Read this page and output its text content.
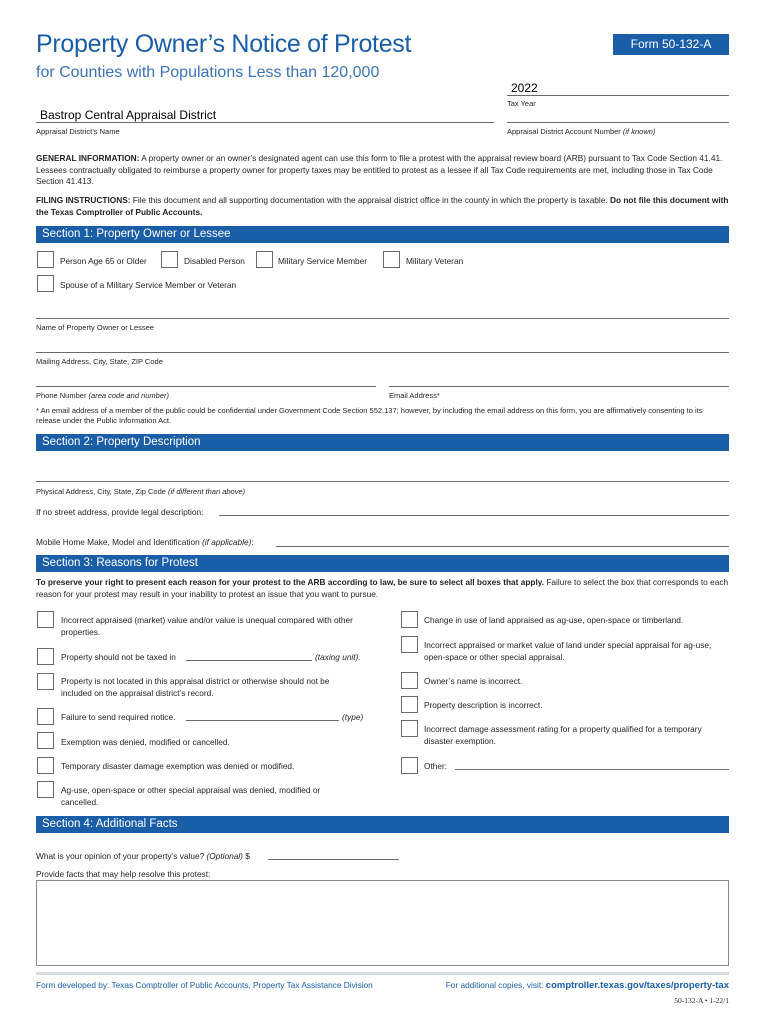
Property Owner’s Notice of Protest
for Counties with Populations Less than 120,000
Form 50-132-A
2022
Tax Year
Bastrop Central Appraisal District
Appraisal District’s Name	Appraisal District Account Number (if known)
GENERAL INFORMATION: A property owner or an owner’s designated agent can use this form to file a protest with the appraisal review board (ARB) pursuant to Tax Code Section 41.41. Lessees contractually obligated to reimburse a property owner for property taxes may be entitled to protest as a lessee if all Tax Code requirements are met, including those in Tax Code Section 41.413.
FILING INSTRUCTIONS: File this document and all supporting documentation with the appraisal district office in the county in which the property is taxable. Do not file this document with the Texas Comptroller of Public Accounts.
Section 1: Property Owner or Lessee
Person Age 65 or Older	Disabled Person	Military Service Member	Military Veteran
Spouse of a Military Service Member or Veteran
Name of Property Owner or Lessee
Mailing Address, City, State, ZIP Code
Phone Number (area code and number)	Email Address*
* An email address of a member of the public could be confidential under Government Code Section 552.137; however, by including the email address on this form, you are affirmatively consenting to its release under the Public Information Act.
Section 2: Property Description
Physical Address, City, State, Zip Code (if different than above)
If no street address, provide legal description:
Mobile Home Make, Model and Identification (if applicable):
Section 3: Reasons for Protest
To preserve your right to present each reason for your protest to the ARB according to law, be sure to select all boxes that apply. Failure to select the box that corresponds to each reason for your protest may result in your inability to protest an issue that you want to pursue.
Incorrect appraised (market) value and/or value is unequal compared with other properties.
Property should not be taxed in	(taxing unit).
Property is not located in this appraisal district or otherwise should not be included on the appraisal district’s record.
Failure to send required notice.	(type)
Exemption was denied, modified or cancelled.
Temporary disaster damage exemption was denied or modified.
Ag-use, open-space or other special appraisal was denied, modified or cancelled.
Change in use of land appraised as ag-use, open-space or timberland.
Incorrect appraised or market value of land under special appraisal for ag-use, open-space or other special appraisal.
Owner’s name is incorrect.
Property description is incorrect.
Incorrect damage assessment rating for a property qualified for a temporary disaster exemption.
Other:
Section 4: Additional Facts
What is your opinion of your property’s value? (Optional) $
Provide facts that may help resolve this protest:
Form developed by: Texas Comptroller of Public Accounts, Property Tax Assistance Division	For additional copies, visit: comptroller.texas.gov/taxes/property-tax
50-132-A • 1-22/1
